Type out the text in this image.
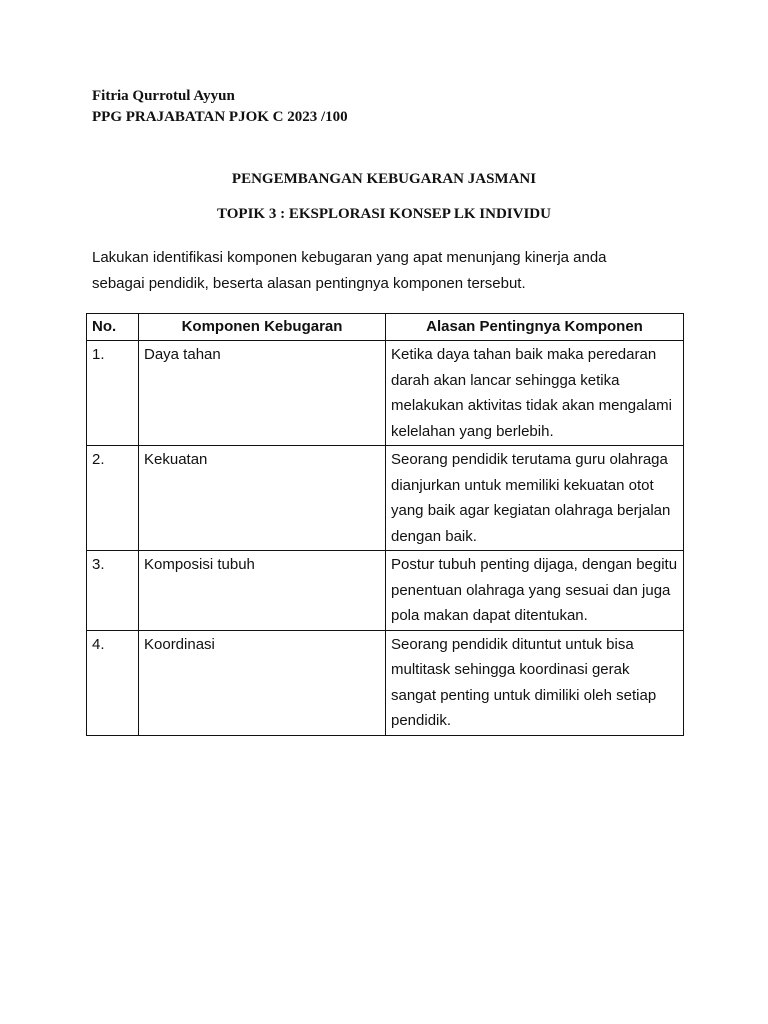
Fitria Qurrotul Ayyun
PPG PRAJABATAN PJOK C 2023 /100
PENGEMBANGAN KEBUGARAN JASMANI
TOPIK 3 : EKSPLORASI KONSEP LK INDIVIDU
Lakukan identifikasi komponen kebugaran yang apat menunjang kinerja anda
sebagai pendidik, beserta alasan pentingnya komponen tersebut.
No.	Komponen Kebugaran	Alasan Pentingnya Komponen
1.	Daya tahan	Ketika daya tahan baik maka peredaran darah akan lancar sehingga ketika melakukan aktivitas tidak akan mengalami kelelahan yang berlebih.
2.	Kekuatan	Seorang pendidik terutama guru olahraga dianjurkan untuk memiliki kekuatan otot yang baik agar kegiatan olahraga berjalan dengan baik.
3.	Komposisi tubuh	Postur tubuh penting dijaga, dengan begitu penentuan olahraga yang sesuai dan juga pola makan dapat ditentukan.
4.	Koordinasi	Seorang pendidik dituntut untuk bisa multitask sehingga koordinasi gerak sangat penting untuk dimiliki oleh setiap pendidik.
